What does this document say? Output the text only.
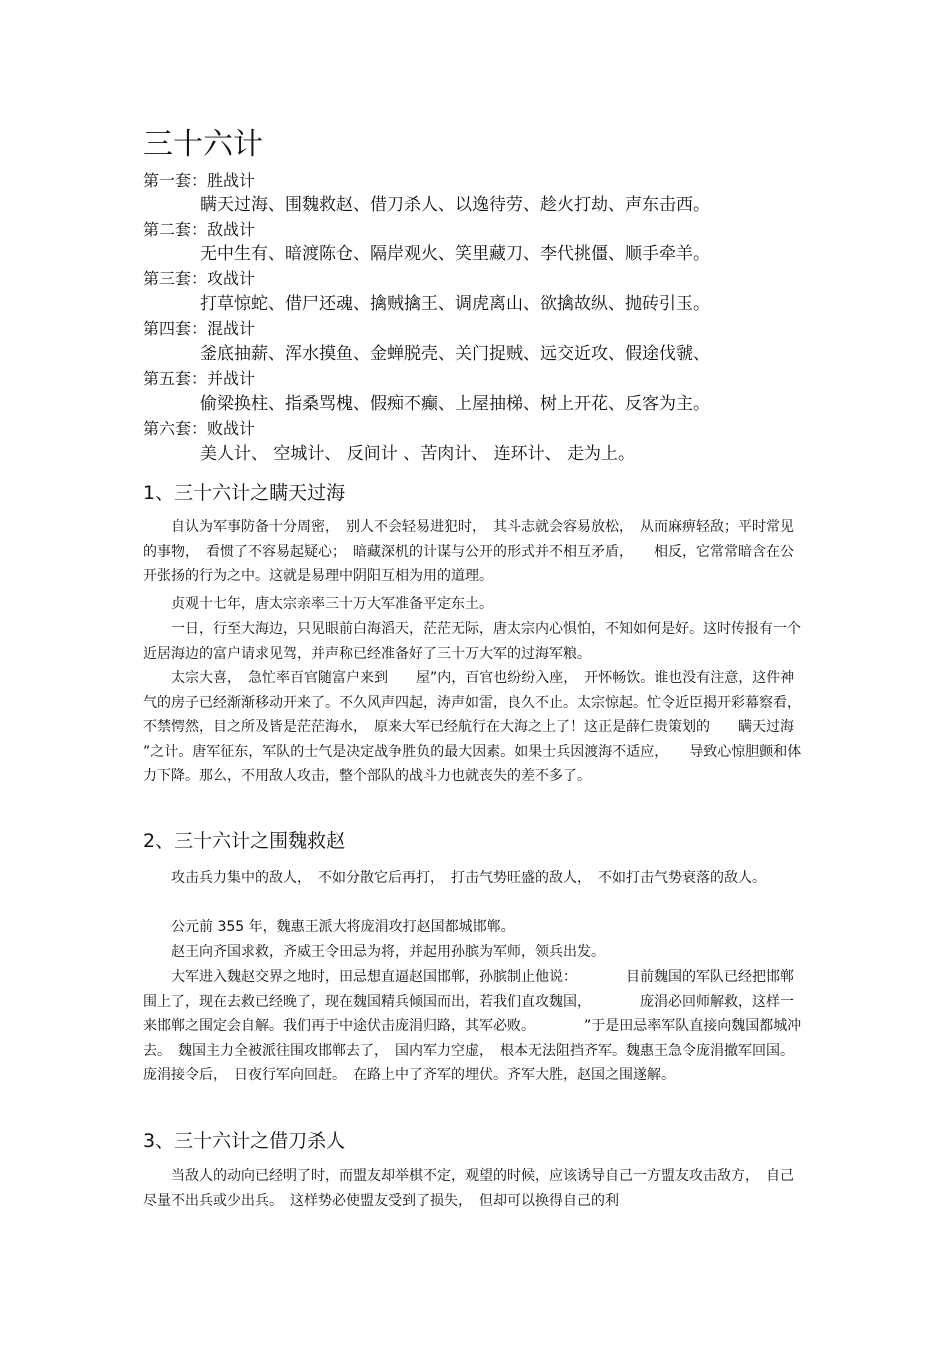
三十六计

第一套：胜战计

瞒天过海、围魏救赵、借刀杀人、以逸待劳、趁火打劫、声东击西。

第二套：敌战计

无中生有、暗渡陈仓、隔岸观火、笑里藏刀、李代挑僵、顺手牵羊。

第三套：攻战计

打草惊蛇、借尸还魂、擒贼擒王、调虎离山、欲擒故纵、抛砖引玉。

第四套：混战计

釜底抽薪、浑水摸鱼、金蝉脱壳、关门捉贼、远交近攻、假途伐虢、

第五套：并战计

偷梁换柱、指桑骂槐、假痴不癫、上屋抽梯、树上开花、反客为主。

第六套：败战计

美人计、 空城计、 反间计 、苦肉计、 连环计、 走为上。

1、三十六计之瞒天过海

　　自认为军事防备十分周密，　别人不会轻易进犯时，　其斗志就会容易放松，　从而麻痹轻敌；平时常见的事物，　看惯了不容易起疑心；　暗藏深机的计谋与公开的形式并不相互矛盾，　　相反，它常常暗含在公开张扬的行为之中。这就是易理中阴阳互相为用的道理。

　　贞观十七年，唐太宗亲率三十万大军准备平定东土。

　　一日，行至大海边，只见眼前白海滔天，茫茫无际，唐太宗内心惧怕，不知如何是好。这时传报有一个近居海边的富户请求见驾，并声称已经准备好了三十万大军的过海军粮。

　　太宗大喜，　急忙率百官随富户来到　　屋”内，百官也纷纷入座，　开怀畅饮。谁也没有注意，这件神气的房子已经渐渐移动开来了。不久风声四起，涛声如雷，良久不止。太宗惊起。忙令近臣揭开彩幕察看，　不禁愕然，目之所及皆是茫茫海水，　原来大军已经航行在大海之上了！这正是薛仁贵策划的　　瞒天过海 ”之计。唐军征东，军队的士气是决定战争胜负的最大因素。如果士兵因渡海不适应，　　导致心惊胆颤和体力下降。那么，不用敌人攻击，整个部队的战斗力也就丧失的差不多了。

2、三十六计之围魏救赵

　　攻击兵力集中的敌人，　不如分散它后再打，　打击气势旺盛的敌人，　不如打击气势衰落的敌人。

　　公元前 355 年，魏惠王派大将庞涓攻打赵国都城邯郸。

　　赵王向齐国求救，齐威王令田忌为将，并起用孙膑为军师，领兵出发。

　　大军进入魏赵交界之地时，田忌想直逼赵国邯郸，孙膑制止他说：　　　　目前魏国的军队已经把邯郸围上了，现在去救已经晚了，现在魏国精兵倾国而出，若我们直攻魏国，　　　　庞涓必回师解救，这样一来邯郸之围定会自解。我们再于中途伏击庞涓归路，其军必败。　　　　”于是田忌率军队直接向魏国都城冲去。　魏国主力全被派往围攻邯郸去了，　国内军力空虚，　根本无法阻挡齐军。魏惠王急令庞涓撤军回国。　庞涓接令后，　日夜行军向回赶。　在路上中了齐军的埋伏。齐军大胜，赵国之围遂解。

3、三十六计之借刀杀人

　　当敌人的动向已经明了时，而盟友却举棋不定，观望的时候，应该诱导自己一方盟友攻击敌方，　自己尽量不出兵或少出兵。　这样势必使盟友受到了损失，　但却可以换得自己的利
